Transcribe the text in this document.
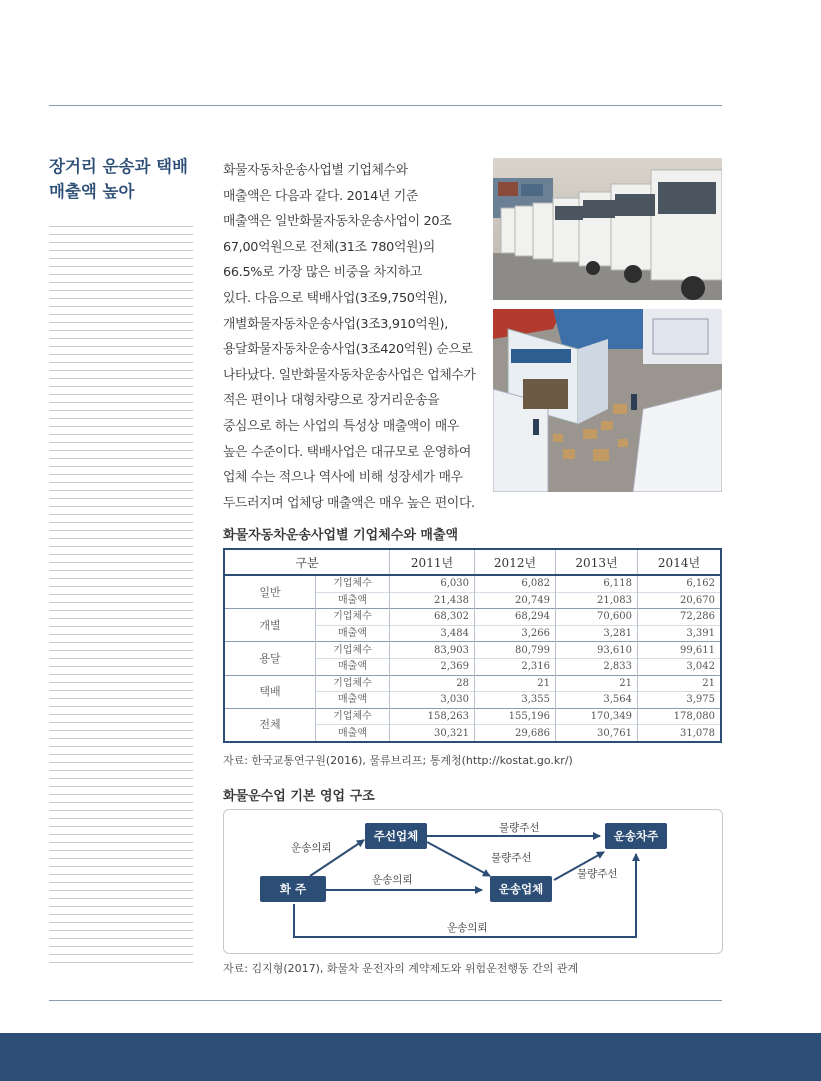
장거리 운송과 택배
매출액 높아
화물자동차운송사업별 기업체수와
매출액은 다음과 같다. 2014년 기준
매출액은 일반화물자동차운송사업이 20조
67,00억원으로 전체(31조 780억원)의
66.5%로 가장 많은 비중을 차지하고
있다. 다음으로 택배사업(3조9,750억원),
개별화물자동차운송사업(3조3,910억원),
용달화물자동차운송사업(3조420억원) 순으로
나타났다. 일반화물자동차운송사업은 업체수가
적은 편이나 대형차량으로 장거리운송을
중심으로 하는 사업의 특성상 매출액이 매우
높은 수준이다. 택배사업은 대규모로 운영하여
업체 수는 적으나 역사에 비해 성장세가 매우
두드러지며 업체당 매출액은 매우 높은 편이다.
화물자동차운송사업별 기업체수와 매출액
구분		2011년	2012년	2013년	2014년
일반	기업체수	6,030	6,082	6,118	6,162
	매출액	21,438	20,749	21,083	20,670
개별	기업체수	68,302	68,294	70,600	72,286
	매출액	3,484	3,266	3,281	3,391
용달	기업체수	83,903	80,799	93,610	99,611
	매출액	2,369	2,316	2,833	3,042
택배	기업체수	28	21	21	21
	매출액	3,030	3,355	3,564	3,975
전체	기업체수	158,263	155,196	170,349	178,080
	매출액	30,321	29,686	30,761	31,078
자료: 한국교통연구원(2016), 물류브리프; 통계청(http://kostat.go.kr/)
화물운수업 기본 영업 구조
화 주
주선업체
운송업체
운송차주
운송의뢰
물량주선
물량주선
운송의뢰	물량주선
운송의뢰
자료: 김지형(2017), 화물차 운전자의 계약제도와 위험운전행동 간의 관계
